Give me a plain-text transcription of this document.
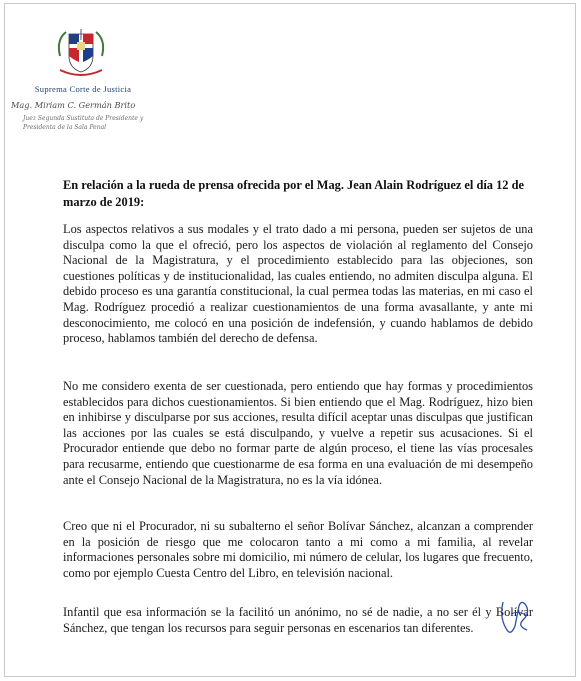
Suprema Corte de Justicia
Mag. Miriam C. Germán Brito
Juez Segunda Sustituta de Presidente y Presidenta de la Sala Penal
En relación a la rueda de prensa ofrecida por el Mag. Jean Alain Rodríguez el día 12 de marzo de 2019:

Los aspectos relativos a sus modales y el trato dado a mi persona, pueden ser sujetos de una disculpa como la que el ofreció, pero los aspectos de violación al reglamento del Consejo Nacional de la Magistratura, y el procedimiento establecido para las objeciones, son cuestiones políticas y de institucionalidad, las cuales entiendo, no admiten disculpa alguna. El debido proceso es una garantía constitucional, la cual permea todas las materias, en mi caso el Mag. Rodríguez procedió a realizar cuestionamientos de una forma avasallante, y ante mi desconocimiento, me colocó en una posición de indefensión, y cuando hablamos de debido proceso, hablamos también del derecho de defensa.

No me considero exenta de ser cuestionada, pero entiendo que hay formas y procedimientos establecidos para dichos cuestionamientos. Si bien entiendo que el Mag. Rodríguez, hizo bien en inhibirse y disculparse por sus acciones, resulta difícil aceptar unas disculpas que justifican las acciones por las cuales se está disculpando, y vuelve a repetir sus acusaciones. Si el Procurador entiende que debo no formar parte de algún proceso, el tiene las vías procesales para recusarme, entiendo que cuestionarme de esa forma en una evaluación de mi desempeño ante el Consejo Nacional de la Magistratura, no es la vía idónea.

Creo que ni el Procurador, ni su subalterno el señor Bolívar Sánchez, alcanzan a comprender en la posición de riesgo que me colocaron tanto a mi como a mi familia, al revelar informaciones personales sobre mi domicilio, mi número de celular, los lugares que frecuento, como por ejemplo Cuesta Centro del Libro, en televisión nacional.

Infantil que esa información se la facilitó un anónimo, no sé de nadie, a no ser él y Bolívar Sánchez, que tengan los recursos para seguir personas en escenarios tan diferentes.
